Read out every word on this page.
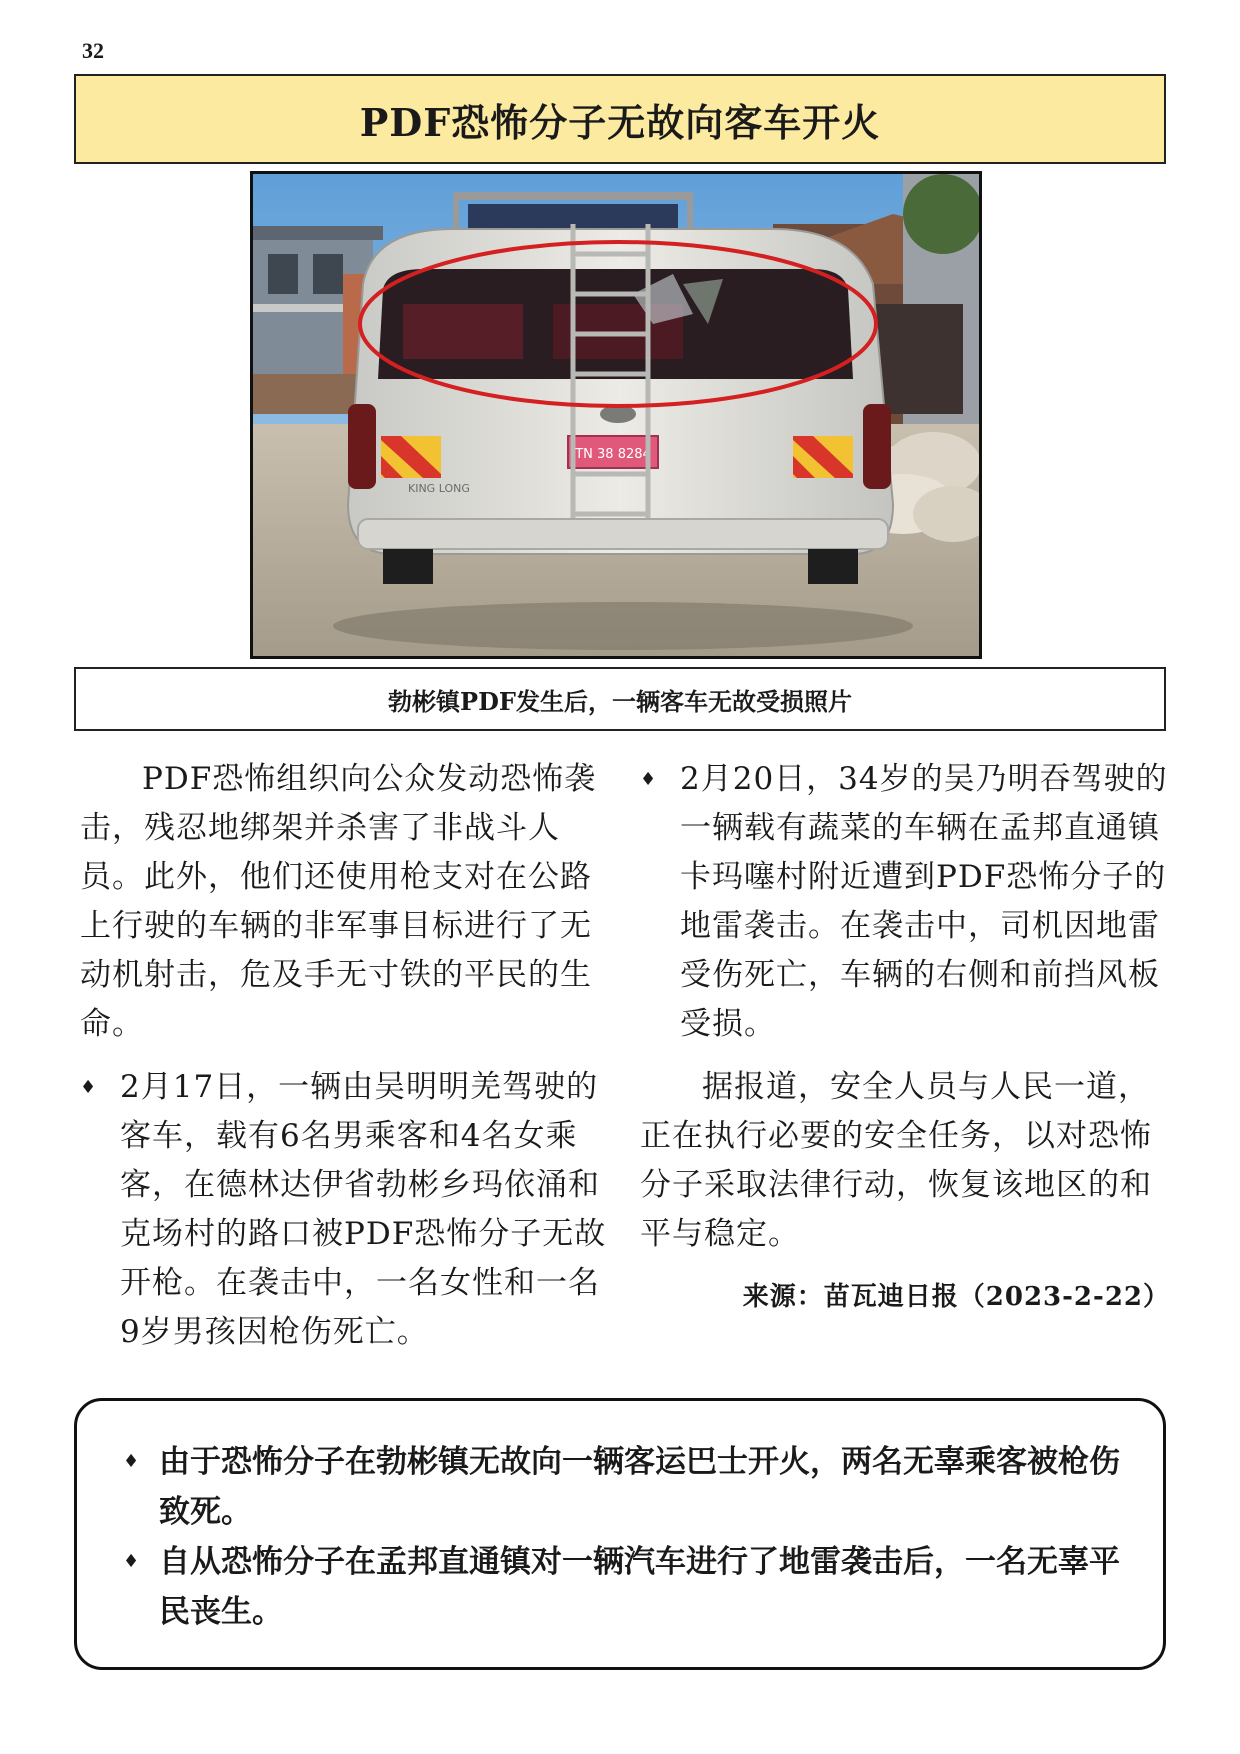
32
PDF恐怖分子无故向客车开火
TN 38 8284
KING LONG
勃彬镇PDF发生后，一辆客车无故受损照片

PDF恐怖组织向公众发动恐怖袭击，残忍地绑架并杀害了非战斗人员。此外，他们还使用枪支对在公路上行驶的车辆的非军事目标进行了无动机射击，危及手无寸铁的平民的生命。

♦ 2月17日，一辆由吴明明羌驾驶的客车，载有6名男乘客和4名女乘客，在德林达伊省勃彬乡玛依涌和克场村的路口被PDF恐怖分子无故开枪。在袭击中，一名女性和一名9岁男孩因枪伤死亡。

♦ 2月20日，34岁的吴乃明吞驾驶的一辆载有蔬菜的车辆在孟邦直通镇卡玛噻村附近遭到PDF恐怖分子的地雷袭击。在袭击中，司机因地雷受伤死亡，车辆的右侧和前挡风板受损。

据报道，安全人员与人民一道，正在执行必要的安全任务，以对恐怖分子采取法律行动，恢复该地区的和平与稳定。

来源：苗瓦迪日报（2023-2-22）
♦ 由于恐怖分子在勃彬镇无故向一辆客运巴士开火，两名无辜乘客被枪伤致死。
♦ 自从恐怖分子在孟邦直通镇对一辆汽车进行了地雷袭击后，一名无辜平民丧生。
